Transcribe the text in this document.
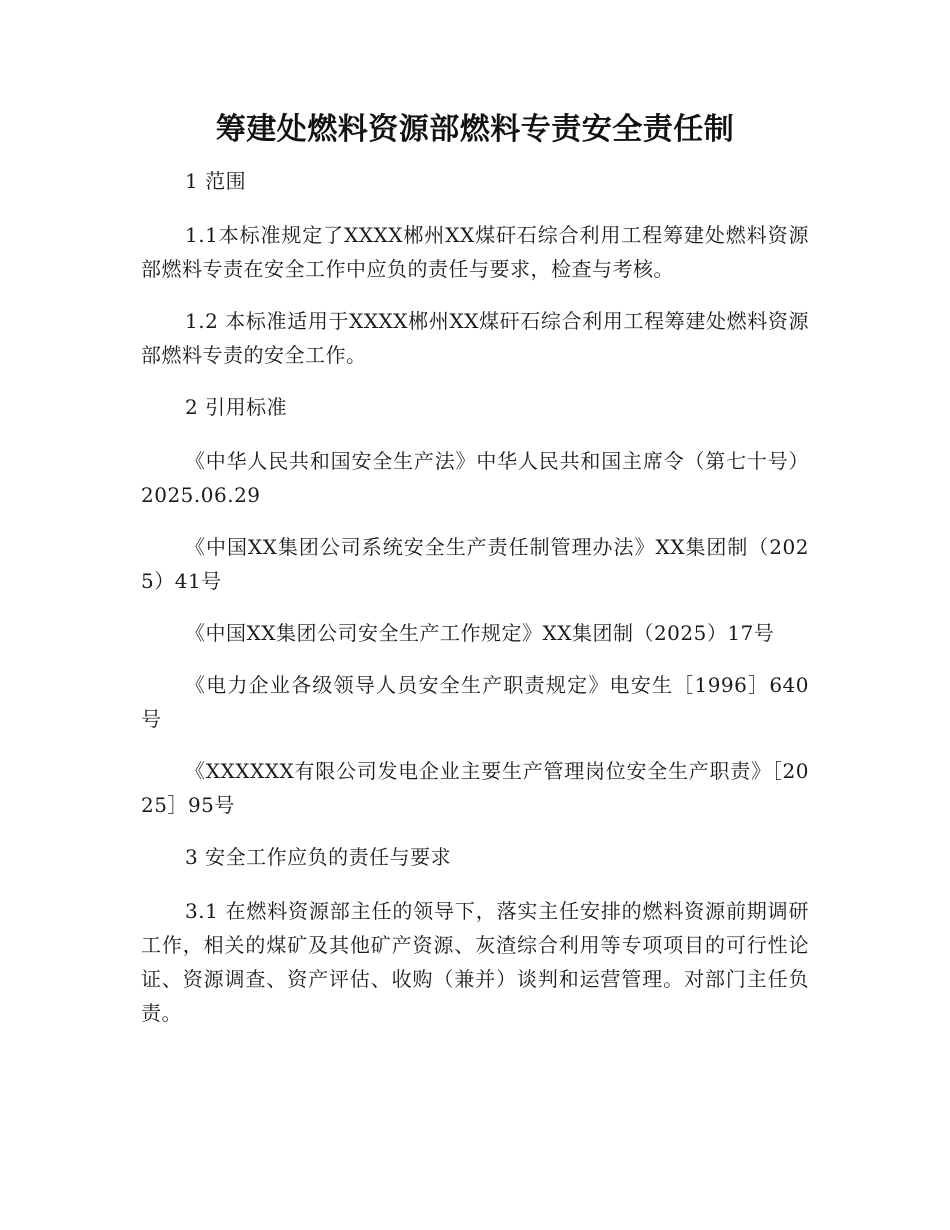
筹建处燃料资源部燃料专责安全责任制

1 范围

1.1本标准规定了XXXX郴州XX煤矸石综合利用工程筹建处燃料资源部燃料专责在安全工作中应负的责任与要求，检查与考核。

1.2 本标准适用于XXXX郴州XX煤矸石综合利用工程筹建处燃料资源部燃料专责的安全工作。

2 引用标准

《中华人民共和国安全生产法》中华人民共和国主席令（第七十号）2025.06.29

《中国XX集团公司系统安全生产责任制管理办法》XX集团制（2025）41号

《中国XX集团公司安全生产工作规定》XX集团制（2025）17号

《电力企业各级领导人员安全生产职责规定》电安生［1996］640号

《XXXXXX有限公司发电企业主要生产管理岗位安全生产职责》［2025］95号

3 安全工作应负的责任与要求

3.1 在燃料资源部主任的领导下，落实主任安排的燃料资源前期调研工作，相关的煤矿及其他矿产资源、灰渣综合利用等专项项目的可行性论证、资源调查、资产评估、收购（兼并）谈判和运营管理。对部门主任负责。
